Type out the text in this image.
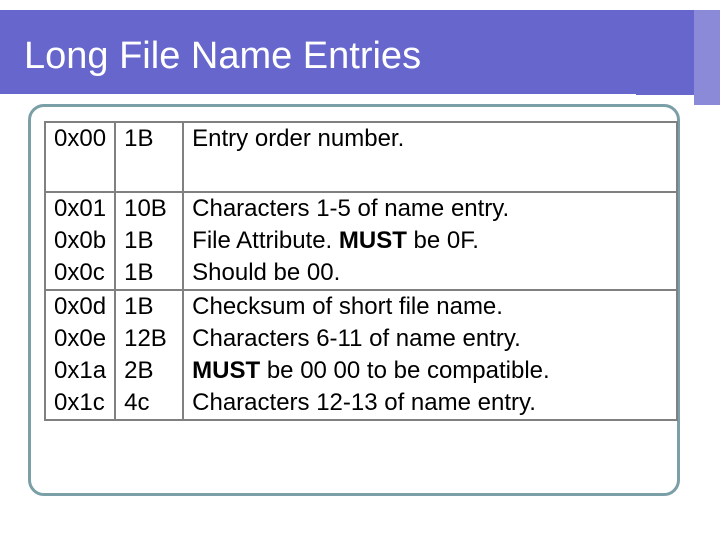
Long File Name Entries
0x00	1B	Entry order number.
0x01	10B	Characters 1-5 of name entry.
0x0b	1B	File Attribute. MUST be 0F.
0x0c	1B	Should be 00.
0x0d	1B	Checksum of short file name.
0x0e	12B	Characters 6-11 of name entry.
0x1a	2B	MUST be 00 00 to be compatible.
0x1c	4c	Characters 12-13 of name entry.
